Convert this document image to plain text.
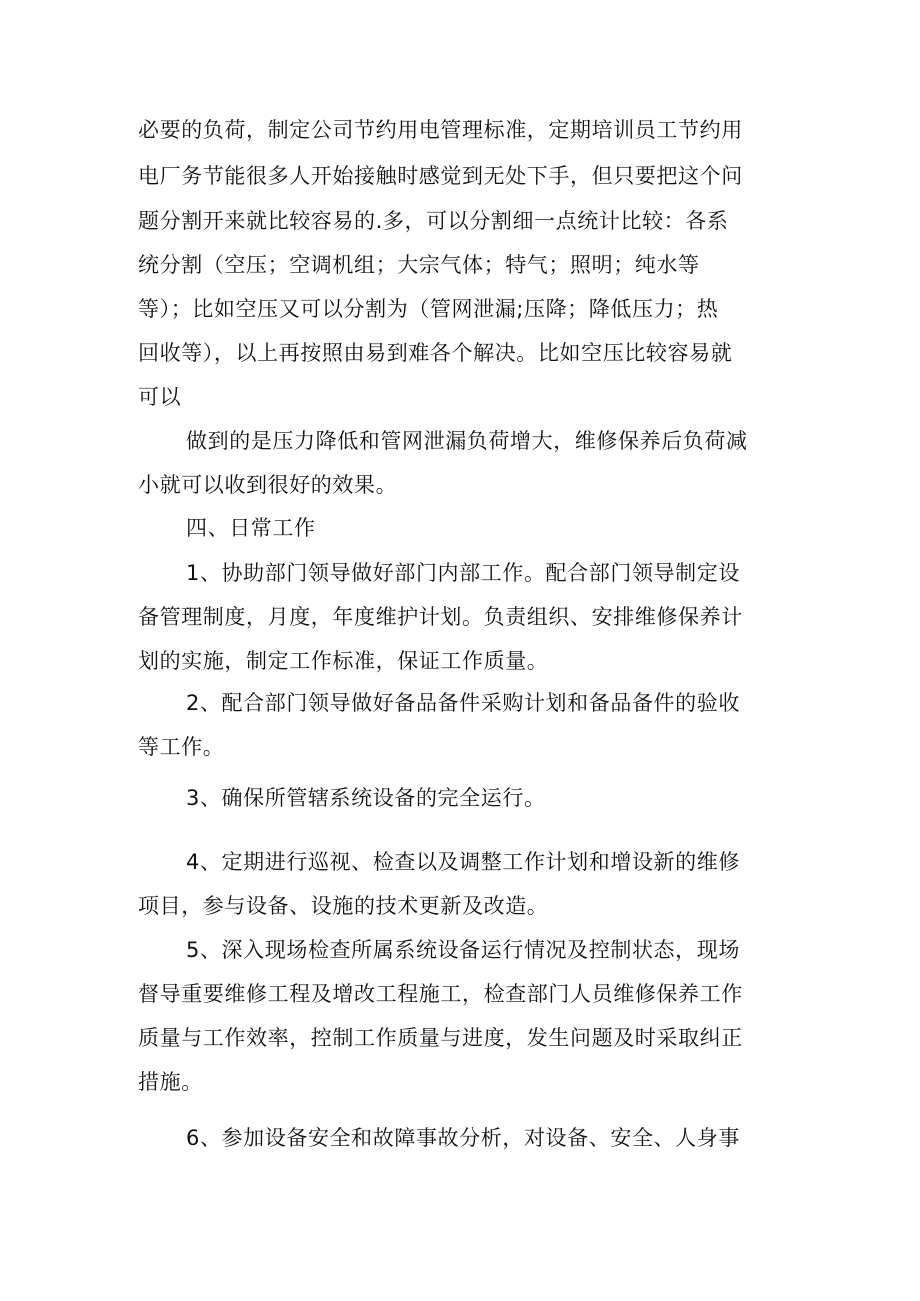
必要的负荷，制定公司节约用电管理标准，定期培训员工节约用
电厂务节能很多人开始接触时感觉到无处下手，但只要把这个问
题分割开来就比较容易的.多，可以分割细一点统计比较：各系
统分割（空压；空调机组；大宗气体；特气；照明；纯水等
等）；比如空压又可以分割为（管网泄漏;压降；降低压力；热
回收等），以上再按照由易到难各个解决。比如空压比较容易就
可以
做到的是压力降低和管网泄漏负荷增大，维修保养后负荷减
小就可以收到很好的效果。
四、日常工作
1、协助部门领导做好部门内部工作。配合部门领导制定设
备管理制度，月度，年度维护计划。负责组织、安排维修保养计
划的实施，制定工作标准，保证工作质量。
2、配合部门领导做好备品备件采购计划和备品备件的验收
等工作。
3、确保所管辖系统设备的完全运行。
4、定期进行巡视、检查以及调整工作计划和增设新的维修
项目，参与设备、设施的技术更新及改造。
5、深入现场检查所属系统设备运行情况及控制状态，现场
督导重要维修工程及增改工程施工，检查部门人员维修保养工作
质量与工作效率，控制工作质量与进度，发生问题及时采取纠正
措施。
6、参加设备安全和故障事故分析，对设备、安全、人身事
